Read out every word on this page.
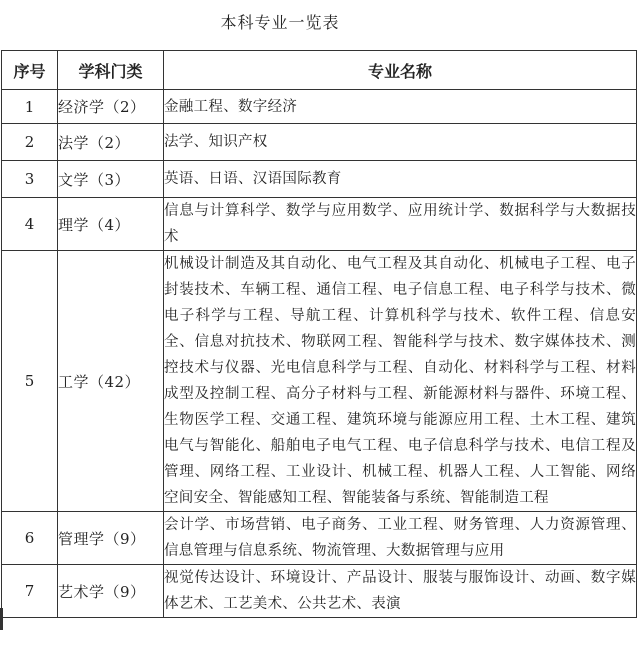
本科专业一览表
序号	学科门类	专业名称
1	经济学（2）	金融工程、数字经济
2	法学（2）	法学、知识产权
3	文学（3）	英语、日语、汉语国际教育
4	理学（4）	信息与计算科学、数学与应用数学、应用统计学、数据科学与大数据技术
5	工学（42）	机械设计制造及其自动化、电气工程及其自动化、机械电子工程、电子封装技术、车辆工程、通信工程、电子信息工程、电子科学与技术、微电子科学与工程、导航工程、计算机科学与技术、软件工程、信息安全、信息对抗技术、物联网工程、智能科学与技术、数字媒体技术、测控技术与仪器、光电信息科学与工程、自动化、材料科学与工程、材料成型及控制工程、高分子材料与工程、新能源材料与器件、环境工程、生物医学工程、交通工程、建筑环境与能源应用工程、土木工程、建筑电气与智能化、船舶电子电气工程、电子信息科学与技术、电信工程及管理、网络工程、工业设计、机械工程、机器人工程、人工智能、网络空间安全、智能感知工程、智能装备与系统、智能制造工程
6	管理学（9）	会计学、市场营销、电子商务、工业工程、财务管理、人力资源管理、信息管理与信息系统、物流管理、大数据管理与应用
7	艺术学（9）	视觉传达设计、环境设计、产品设计、服装与服饰设计、动画、数字媒体艺术、工艺美术、公共艺术、表演
